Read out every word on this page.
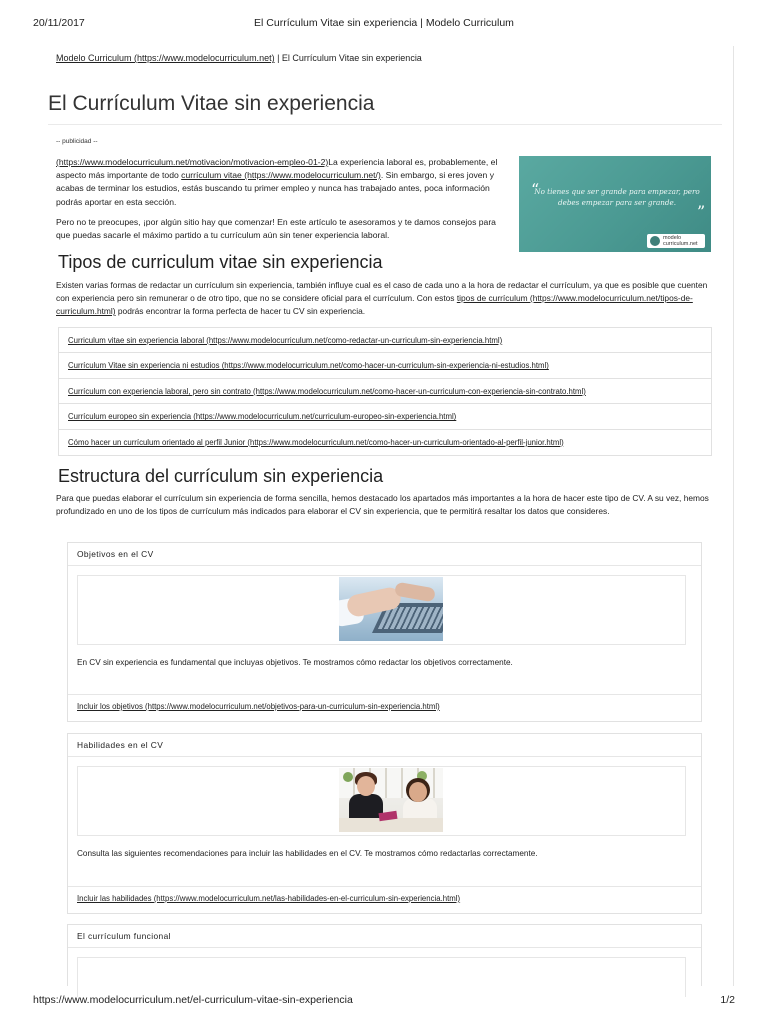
20/11/2017	El Currículum Vitae sin experiencia | Modelo Curriculum
Modelo Curriculum (https://www.modelocurriculum.net) | El Currículum Vitae sin experiencia
El Currículum Vitae sin experiencia
-- publicidad --

(https://www.modelocurriculum.net/motivacion/motivacion-empleo-01-2)La experiencia laboral es, probablemente, el aspecto más importante de todo currículum vitae (https://www.modelocurriculum.net/). Sin embargo, si eres joven y acabas de terminar los estudios, estás buscando tu primer empleo y nunca has trabajado antes, poca información podrás aportar en esta sección.

Pero no te preocupes, ¡por algún sitio hay que comenzar! En este artículo te asesoramos y te damos consejos para que puedas sacarle el máximo partido a tu currículum aún sin tener experiencia laboral.

“
No tienes que ser grande para empezar, pero debes empezar para ser grande.	”
modelo
curriculum.net
Tipos de curriculum vitae sin experiencia
Existen varias formas de redactar un currículum sin experiencia, también influye cual es el caso de cada uno a la hora de redactar el currículum, ya que es posible que cuenten con experiencia pero sin remunerar o de otro tipo, que no se considere oficial para el currículum. Con estos tipos de currículum (https://www.modelocurriculum.net/tipos-de-curriculum.html) podrás encontrar la forma perfecta de hacer tu CV sin experiencia.
Curriculum vitae sin experiencia laboral (https://www.modelocurriculum.net/como-redactar-un-curriculum-sin-experiencia.html)
Currículum Vitae sin experiencia ni estudios (https://www.modelocurriculum.net/como-hacer-un-curriculum-sin-experiencia-ni-estudios.html)
Currículum con experiencia laboral, pero sin contrato (https://www.modelocurriculum.net/como-hacer-un-curriculum-con-experiencia-sin-contrato.html)
Currículum europeo sin experiencia (https://www.modelocurriculum.net/curriculum-europeo-sin-experiencia.html)
Cómo hacer un currículum orientado al perfil Junior (https://www.modelocurriculum.net/como-hacer-un-curriculum-orientado-al-perfil-junior.html)
Estructura del currículum sin experiencia
Para que puedas elaborar el currículum sin experiencia de forma sencilla, hemos destacado los apartados más importantes a la hora de hacer este tipo de CV. A su vez, hemos profundizado en uno de los tipos de currículum más indicados para elaborar el CV sin experiencia, que te permitirá resaltar los datos que consideres.
Objetivos en el CV
En CV sin experiencia es fundamental que incluyas objetivos. Te mostramos cómo redactar los objetivos correctamente.
Incluir los objetivos (https://www.modelocurriculum.net/objetivos-para-un-curriculum-sin-experiencia.html)
Habilidades en el CV
Consulta las siguientes recomendaciones para incluir las habilidades en el CV. Te mostramos cómo redactarlas correctamente.
Incluir las habilidades (https://www.modelocurriculum.net/las-habilidades-en-el-curriculum-sin-experiencia.html)
El currículum funcional
https://www.modelocurriculum.net/el-curriculum-vitae-sin-experiencia	1/2
